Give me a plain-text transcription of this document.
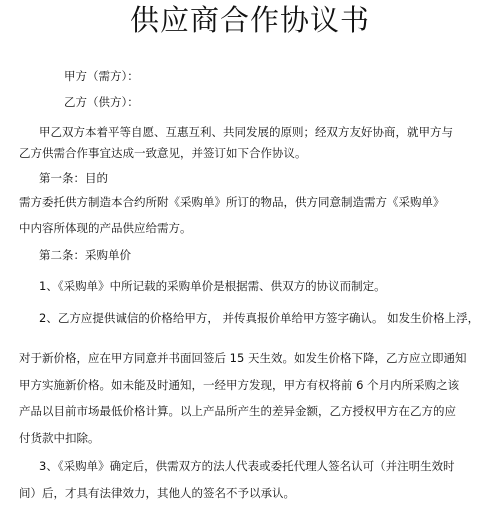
供应商合作协议书
甲方（需方）：
乙方（供方）：
甲乙双方本着平等自愿、互惠互利、共同发展的原则；经双方友好协商，就甲方与
乙方供需合作事宜达成一致意见，并签订如下合作协议。
第一条：目的
需方委托供方制造本合约所附《采购单》所订的物品，供方同意制造需方《采购单》
中内容所体现的产品供应给需方。
第二条：采购单价
1、《采购单》中所记载的采购单价是根据需、供双方的协议而制定。
2、乙方应提供诚信的价格给甲方， 并传真报价单给甲方签字确认。 如发生价格上浮，
对于新价格，应在甲方同意并书面回签后 15 天生效。如发生价格下降，乙方应立即通知
甲方实施新价格。如未能及时通知，一经甲方发现，甲方有权将前 6 个月内所采购之该
产品以目前市场最低价格计算。以上产品所产生的差异金额，乙方授权甲方在乙方的应
付货款中扣除。
3、《采购单》确定后，供需双方的法人代表或委托代理人签名认可（并注明生效时
间）后，才具有法律效力，其他人的签名不予以承认。
